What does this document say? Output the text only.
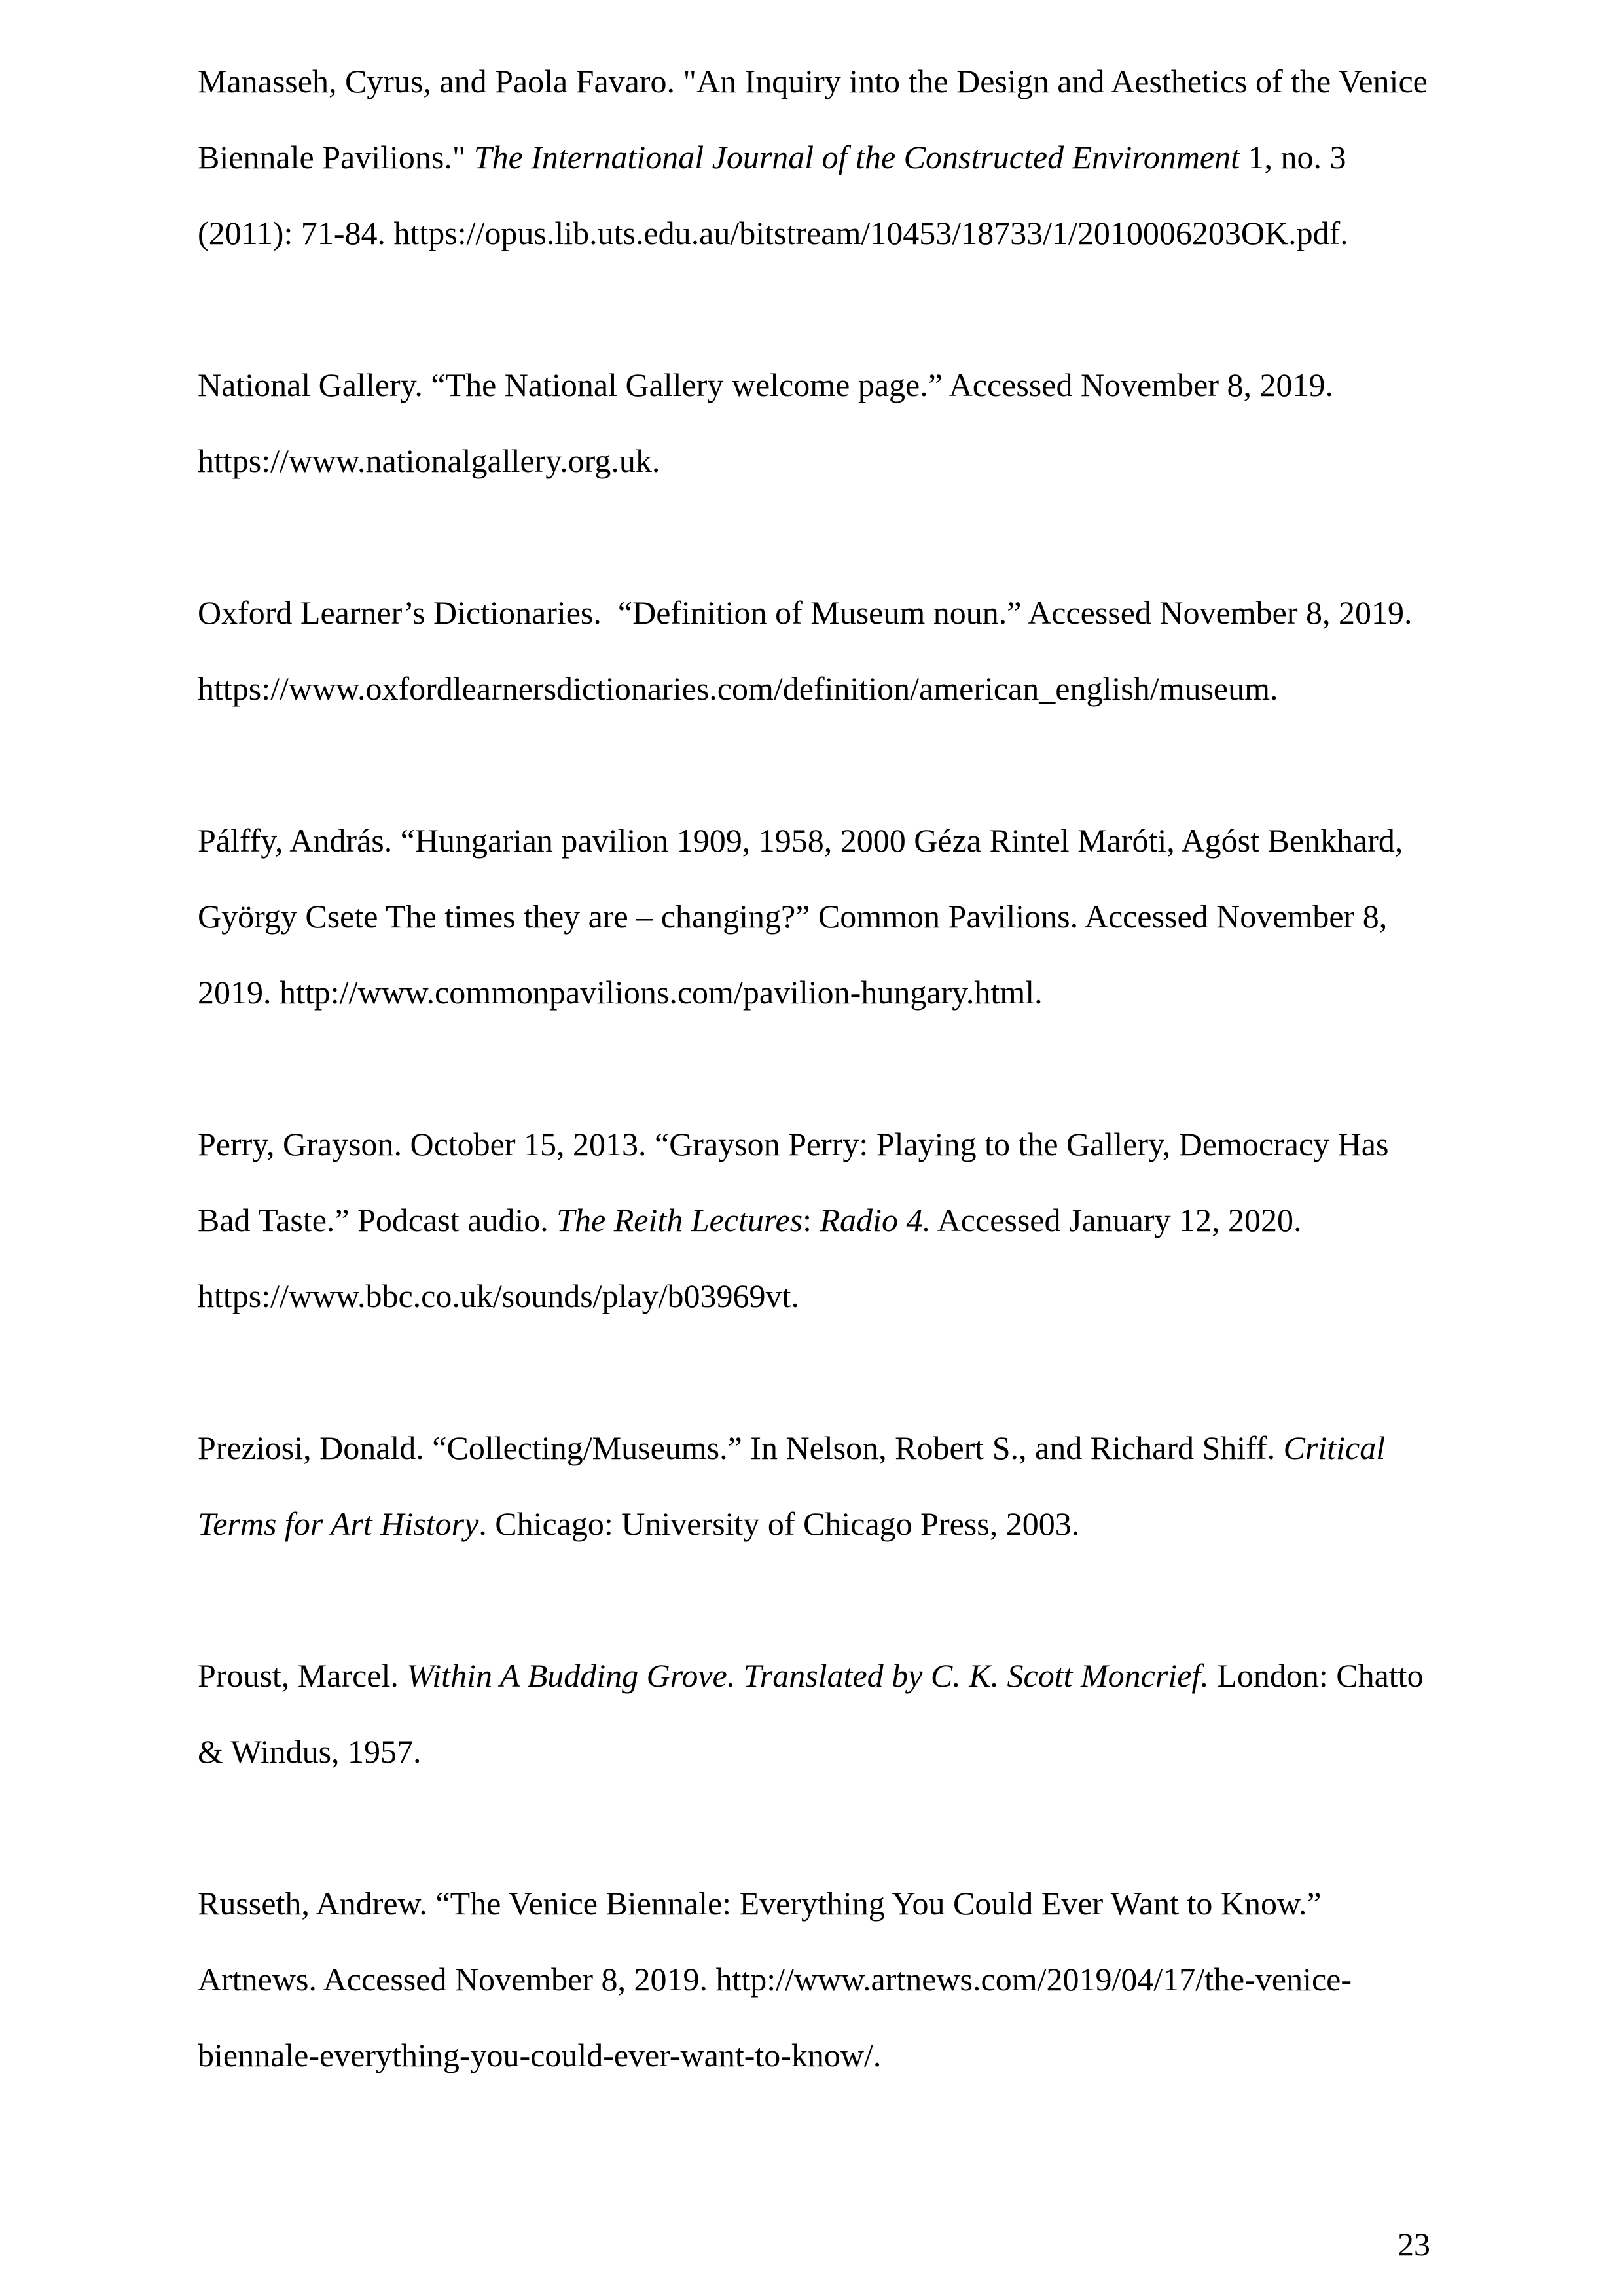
Manasseh, Cyrus, and Paola Favaro. "An Inquiry into the Design and Aesthetics of the Venice Biennale Pavilions." The International Journal of the Constructed Environment 1, no. 3 (2011): 71-84. https://opus.lib.uts.edu.au/bitstream/10453/18733/1/2010006203OK.pdf.

National Gallery. “The National Gallery welcome page.” Accessed November 8, 2019. https://www.nationalgallery.org.uk.

Oxford Learner’s Dictionaries.  “Definition of Museum noun.” Accessed November 8, 2019. https://www.oxfordlearnersdictionaries.com/definition/american_english/museum.

Pálffy, András. “Hungarian pavilion 1909, 1958, 2000 Géza Rintel Maróti, Agóst Benkhard, György Csete The times they are – changing?” Common Pavilions. Accessed November 8, 2019. http://www.commonpavilions.com/pavilion-hungary.html.

Perry, Grayson. October 15, 2013. “Grayson Perry: Playing to the Gallery, Democracy Has Bad Taste.” Podcast audio. The Reith Lectures: Radio 4. Accessed January 12, 2020. https://www.bbc.co.uk/sounds/play/b03969vt.

Preziosi, Donald. “Collecting/Museums.” In Nelson, Robert S., and Richard Shiff. Critical Terms for Art History. Chicago: University of Chicago Press, 2003.

Proust, Marcel. Within A Budding Grove. Translated by C. K. Scott Moncrief. London: Chatto & Windus, 1957.

Russeth, Andrew. “The Venice Biennale: Everything You Could Ever Want to Know.” Artnews. Accessed November 8, 2019. http://www.artnews.com/2019/04/17/the-venice-biennale-everything-you-could-ever-want-to-know/.

23
